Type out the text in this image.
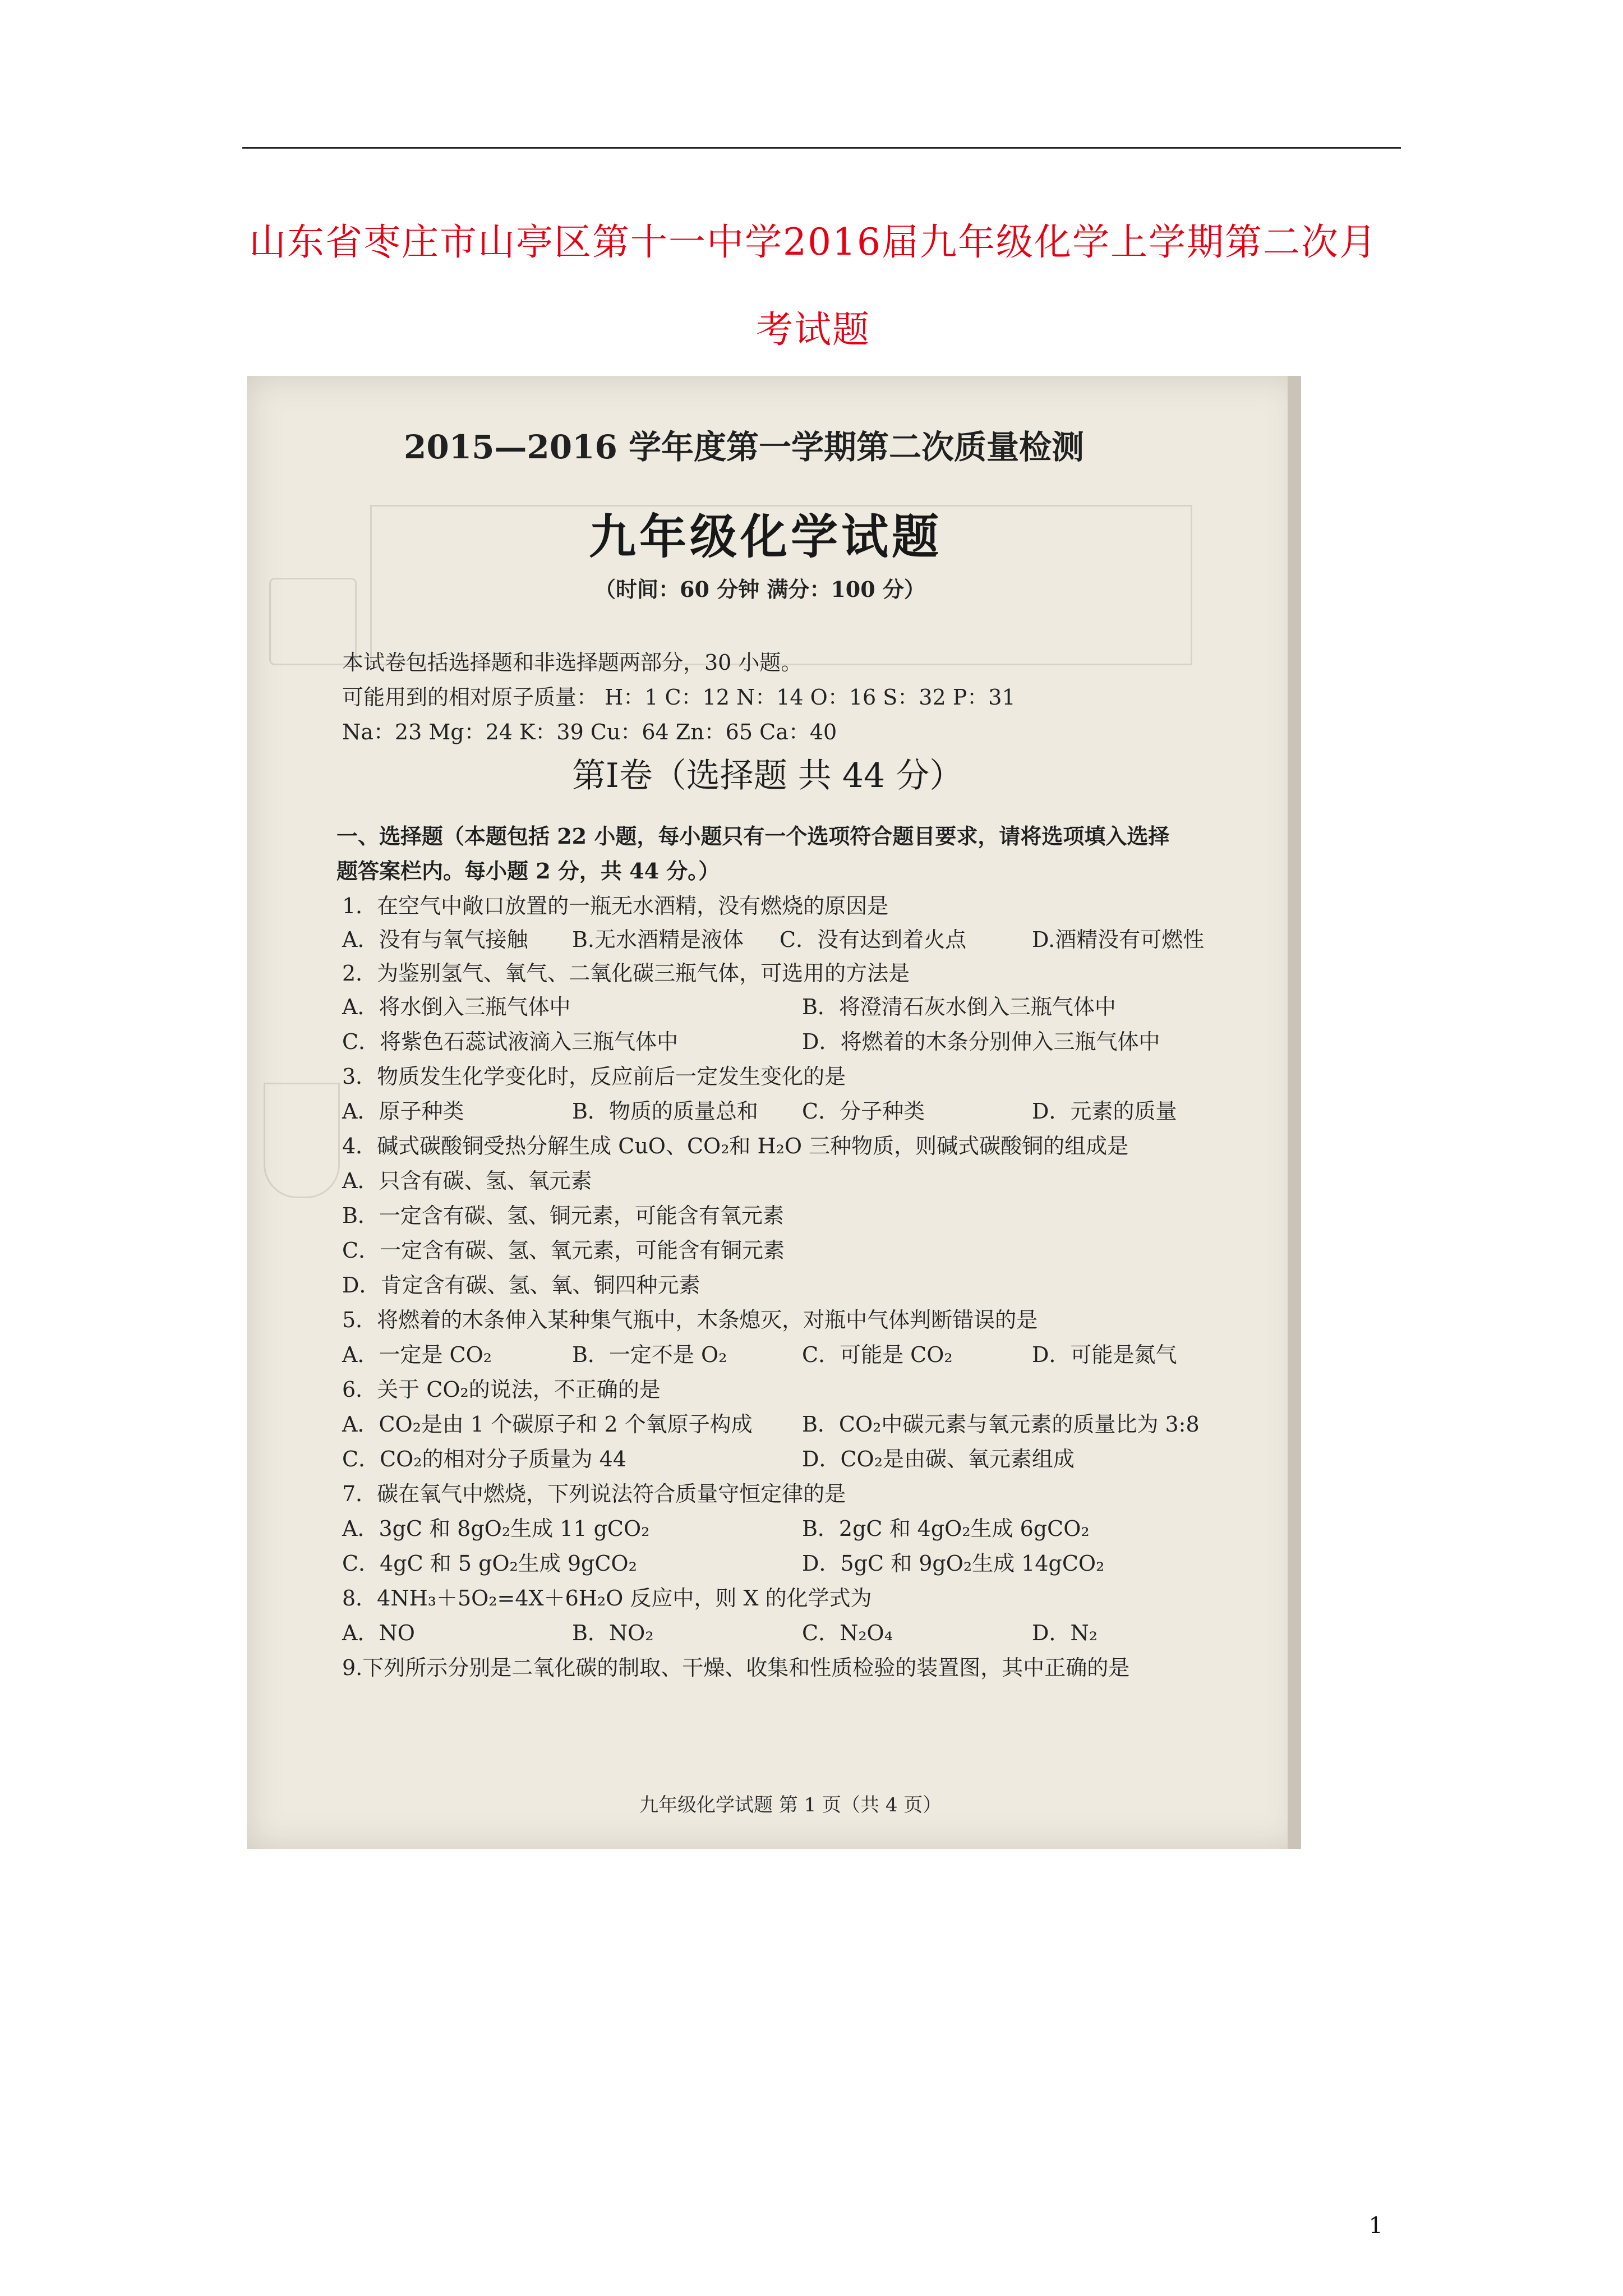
山东省枣庄市山亭区第十一中学2016届九年级化学上学期第二次月
考试题
2015—2016 学年度第一学期第二次质量检测
九年级化学试题
（时间：60 分钟 满分：100 分）
本试卷包括选择题和非选择题两部分，30 小题。
可能用到的相对原子质量： H：1 C：12 N：14 O：16 S：32 P：31
Na：23 Mg：24 K：39 Cu：64 Zn：65 Ca：40
第Ⅰ卷（选择题 共 44 分）
一、选择题（本题包括 22 小题，每小题只有一个选项符合题目要求，请将选项填入选择
题答案栏内。每小题 2 分，共 44 分。）
1．在空气中敞口放置的一瓶无水酒精，没有燃烧的原因是
A．没有与氧气接触 B.无水酒精是液体 C．没有达到着火点	D.酒精没有可燃性
2．为鉴别氢气、氧气、二氧化碳三瓶气体，可选用的方法是
A．将水倒入三瓶气体中	B．将澄清石灰水倒入三瓶气体中
C．将紫色石蕊试液滴入三瓶气体中	D．将燃着的木条分别伸入三瓶气体中
3．物质发生化学变化时，反应前后一定发生变化的是
A．原子种类	B．物质的质量总和 C．分子种类	D．元素的质量
4．碱式碳酸铜受热分解生成 CuO、CO₂和 H₂O 三种物质，则碱式碳酸铜的组成是
A．只含有碳、氢、氧元素
B．一定含有碳、氢、铜元素，可能含有氧元素
C．一定含有碳、氢、氧元素，可能含有铜元素
D．肯定含有碳、氢、氧、铜四种元素
5．将燃着的木条伸入某种集气瓶中，木条熄灭，对瓶中气体判断错误的是
A．一定是 CO₂	B．一定不是 O₂	C．可能是 CO₂	D．可能是氮气
6．关于 CO₂的说法，不正确的是
A．CO₂是由 1 个碳原子和 2 个氧原子构成 B．CO₂中碳元素与氧元素的质量比为 3:8
C．CO₂的相对分子质量为 44	D．CO₂是由碳、氧元素组成
7．碳在氧气中燃烧，下列说法符合质量守恒定律的是
A．3gC 和 8gO₂生成 11 gCO₂	B．2gC 和 4gO₂生成 6gCO₂
C．4gC 和 5 gO₂生成 9gCO₂	D．5gC 和 9gO₂生成 14gCO₂
8．4NH₃＋5O₂=4X＋6H₂O 反应中，则 X 的化学式为
A．NO	B．NO₂	C．N₂O₄	D．N₂
9.下列所示分别是二氧化碳的制取、干燥、收集和性质检验的装置图，其中正确的是
九年级化学试题 第 1 页（共 4 页）
1
